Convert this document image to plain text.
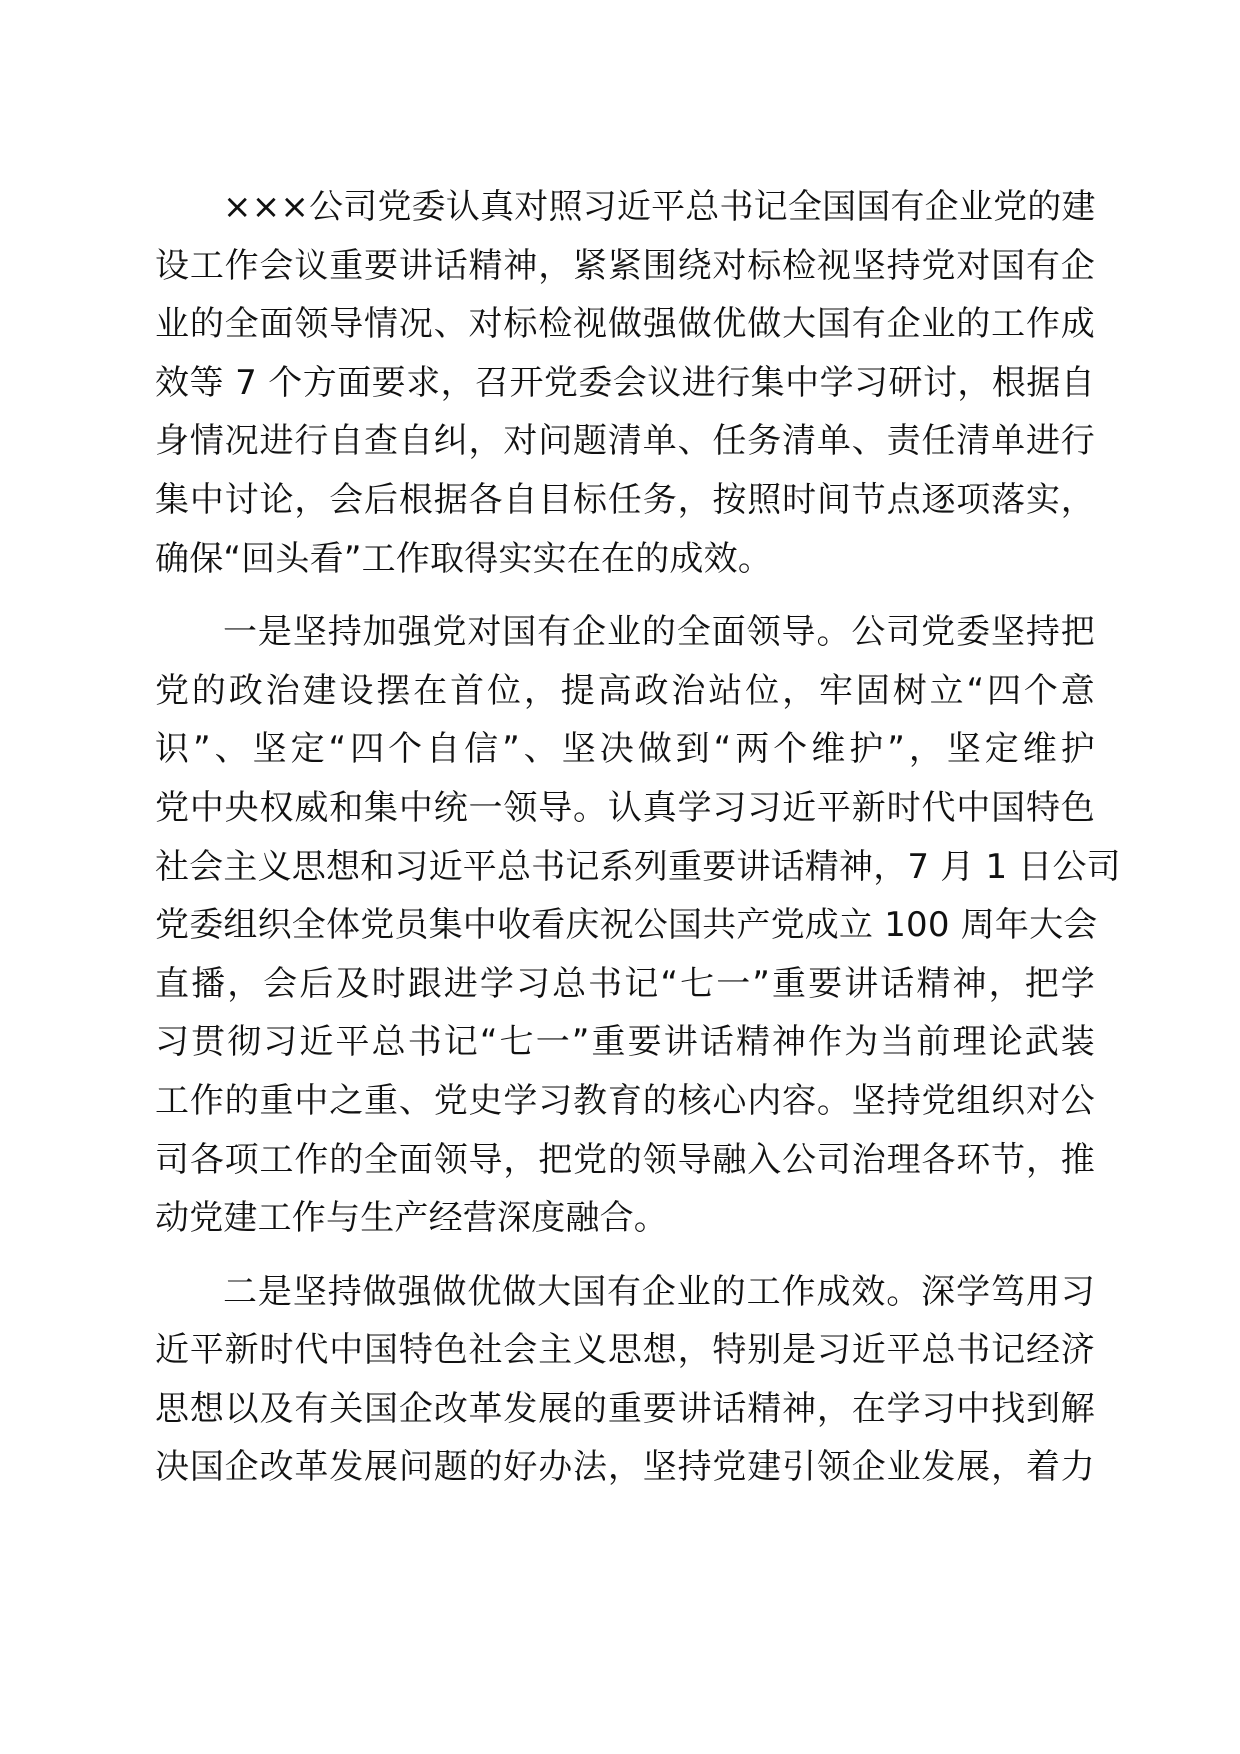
×××公司党委认真对照习近平总书记全国国有企业党的建
设工作会议重要讲话精神，紧紧围绕对标检视坚持党对国有企
业的全面领导情况、对标检视做强做优做大国有企业的工作成
效等 7 个方面要求，召开党委会议进行集中学习研讨，根据自
身情况进行自查自纠，对问题清单、任务清单、责任清单进行
集中讨论，会后根据各自目标任务，按照时间节点逐项落实，
确保“回头看”工作取得实实在在的成效。
一是坚持加强党对国有企业的全面领导。公司党委坚持把
党的政治建设摆在首位，提高政治站位，牢固树立“四个意
识”、坚定“四个自信”、坚决做到“两个维护”，坚定维护
党中央权威和集中统一领导。认真学习习近平新时代中国特色
社会主义思想和习近平总书记系列重要讲话精神，7 月 1 日公司
党委组织全体党员集中收看庆祝公国共产党成立 100 周年大会
直播，会后及时跟进学习总书记“七一”重要讲话精神，把学
习贯彻习近平总书记“七一”重要讲话精神作为当前理论武装
工作的重中之重、党史学习教育的核心内容。坚持党组织对公
司各项工作的全面领导，把党的领导融入公司治理各环节，推
动党建工作与生产经营深度融合。
二是坚持做强做优做大国有企业的工作成效。深学笃用习
近平新时代中国特色社会主义思想，特别是习近平总书记经济
思想以及有关国企改革发展的重要讲话精神，在学习中找到解
决国企改革发展问题的好办法，坚持党建引领企业发展，着力
